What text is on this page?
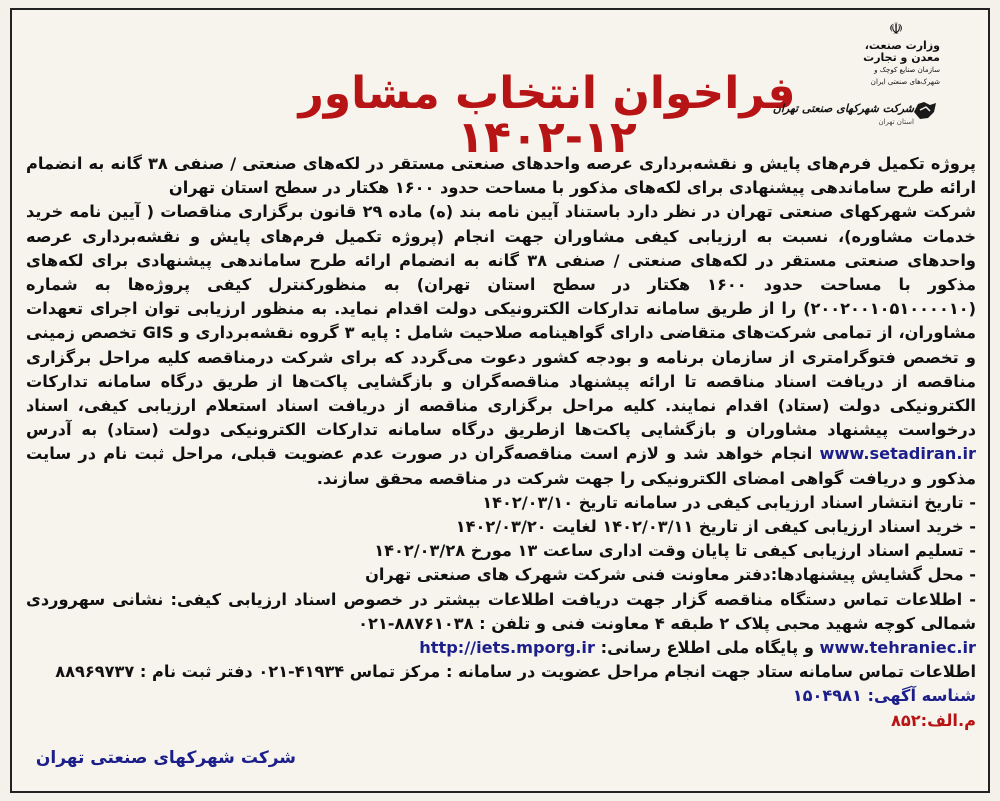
فراخوان انتخاب مشاور ۱۲-۱۴۰۲
☫
وزارت صنعت، معدن و تجارت
سازمان صنایع کوچک و شهرک‌های صنعتی ایران
شرکت شهرکهای صنعتی تهران
استان تهران

پروژه تکمیل فرم‌های پایش و نقشه‌برداری عرصه واحدهای صنعتی مستقر در لکه‌های صنعتی / صنفی ۳۸ گانه به انضمام ارائه طرح ساماندهی پیشنهادی برای لکه‌های مذکور با مساحت حدود ۱۶۰۰ هکتار در سطح استان تهران

شرکت شهرکهای صنعتی تهران در نظر دارد باستناد آیین نامه بند (ه) ماده ۲۹ قانون برگزاری مناقصات ( آیین نامه خرید خدمات مشاوره)، نسبت به ارزیابی کیفی مشاوران جهت انجام (پروژه تکمیل فرم‌های پایش و نقشه‌برداری عرصه واحدهای صنعتی مستقر در لکه‌های صنعتی / صنفی ۳۸ گانه به انضمام ارائه طرح ساماندهی پیشنهادی برای لکه‌های مذکور با مساحت حدود ۱۶۰۰ هکتار در سطح استان تهران) به منظورکنترل کیفی پروژه‌ها به شماره (۲۰۰۲۰۰۱۰۵۱۰۰۰۰۱۰) را از طریق سامانه تدارکات الکترونیکی دولت اقدام نماید. به منظور ارزیابی توان اجرای تعهدات مشاوران، از تمامی شرکت‌های متقاضی دارای گواهینامه صلاحیت شامل : پایه ۳ گروه نقشه‌برداری و GIS تخصص زمینی و تخصص فتوگرامتری از سازمان برنامه و بودجه کشور دعوت می‌گردد که برای شرکت درمناقصه کلیه مراحل برگزاری مناقصه از دریافت اسناد مناقصه تا ارائه پیشنهاد مناقصه‌گران و بازگشایی پاکت‌ها از طریق درگاه سامانه تدارکات الکترونیکی دولت (ستاد) اقدام نمایند. کلیه مراحل برگزاری مناقصه از دریافت اسناد استعلام ارزیابی کیفی، اسناد درخواست پیشنهاد مشاوران و بازگشایی پاکت‌ها ازطریق درگاه سامانه تدارکات الکترونیکی دولت (ستاد) به آدرس www.setadiran.ir انجام خواهد شد و لازم است مناقصه‌گران در صورت عدم عضویت قبلی، مراحل ثبت نام در سایت مذکور و دریافت گواهی امضای الکترونیکی را جهت شرکت در مناقصه محقق سازند.

- تاریخ انتشار اسناد ارزیابی کیفی در سامانه تاریخ ۱۴۰۲/۰۳/۱۰
- خرید اسناد ارزیابی کیفی از تاریخ ۱۴۰۲/۰۳/۱۱ لغایت ۱۴۰۲/۰۳/۲۰
- تسلیم اسناد ارزیابی کیفی تا پایان وقت اداری ساعت ۱۳ مورخ ۱۴۰۲/۰۳/۲۸
- محل گشایش پیشنهادها:دفتر معاونت فنی شرکت شهرک های صنعتی تهران
- اطلاعات تماس دستگاه مناقصه گزار جهت دریافت اطلاعات بیشتر در خصوص اسناد ارزیابی کیفی: نشانی سهروردی شمالی کوچه شهید محبی پلاک ۲ طبقه ۴ معاونت فنی و تلفن : ۸۸۷۶۱۰۳۸-۰۲۱

www.tehraniec.ir و پایگاه ملی اطلاع رسانی: http://iets.mporg.ir

اطلاعات تماس سامانه ستاد جهت انجام مراحل عضویت در سامانه : مرکز تماس ۴۱۹۳۴-۰۲۱ دفتر ثبت نام : ۸۸۹۶۹۷۳۷

شناسه آگهی: ۱۵۰۴۹۸۱

م.الف:۸۵۲

شرکت شهرکهای صنعتی تهران
